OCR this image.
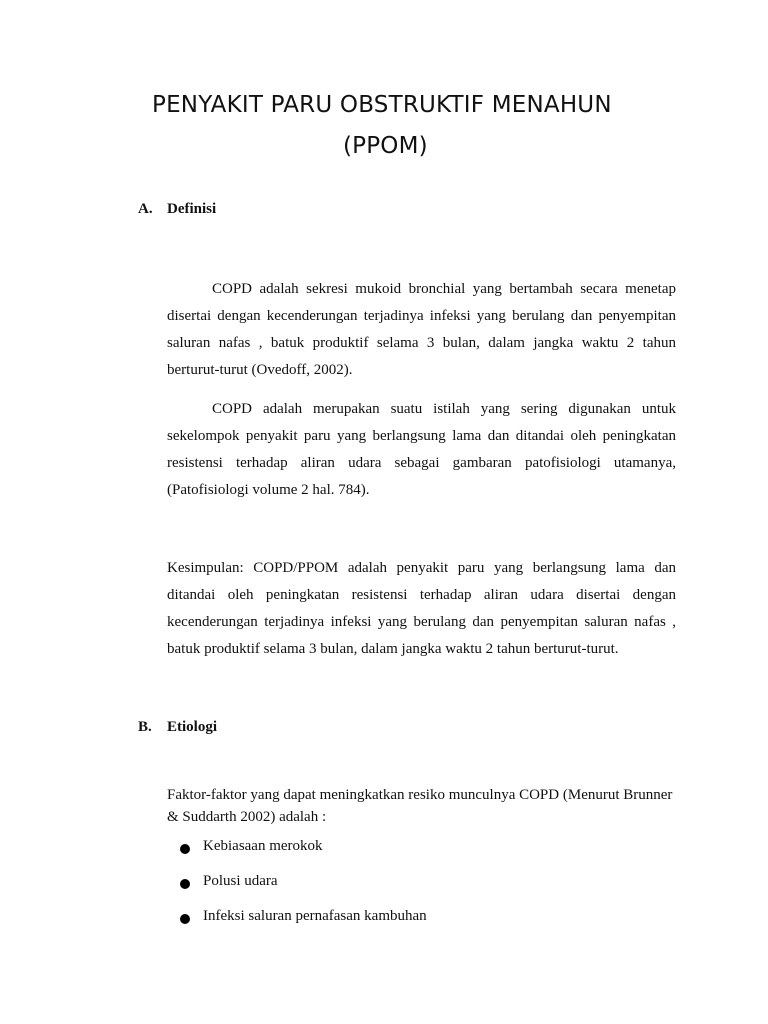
PENYAKIT PARU OBSTRUKTIF MENAHUN
(PPOM)
A. Definisi

COPD adalah sekresi mukoid bronchial yang bertambah secara menetap disertai dengan kecenderungan terjadinya infeksi yang berulang dan penyempitan saluran nafas , batuk produktif selama 3 bulan, dalam jangka waktu 2 tahun berturut-turut (Ovedoff, 2002).

COPD adalah merupakan suatu istilah yang sering digunakan untuk sekelompok penyakit paru yang berlangsung lama dan ditandai oleh peningkatan resistensi terhadap aliran udara sebagai gambaran patofisiologi utamanya, (Patofisiologi volume 2 hal. 784).

Kesimpulan: COPD/PPOM adalah penyakit paru yang berlangsung lama dan ditandai oleh peningkatan resistensi terhadap aliran udara disertai dengan kecenderungan terjadinya infeksi yang berulang dan penyempitan saluran nafas , batuk produktif selama 3 bulan, dalam jangka waktu 2 tahun berturut-turut.

B. Etiologi

Faktor-faktor yang dapat meningkatkan resiko munculnya COPD (Menurut Brunner & Suddarth 2002) adalah :

Kebiasaan merokok
Polusi udara
Infeksi saluran pernafasan kambuhan
